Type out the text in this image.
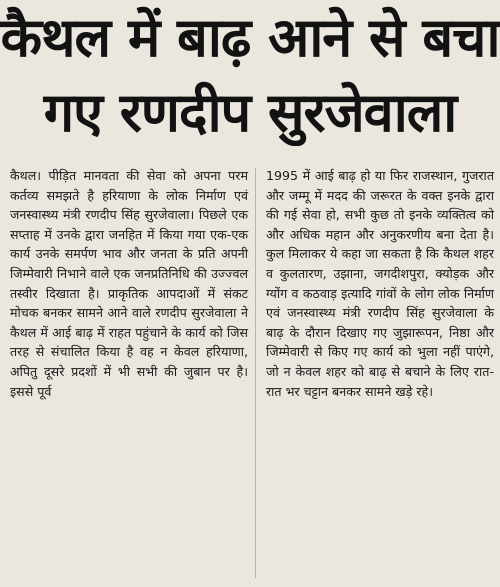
कैथल में बाढ़ आने से बचा
गए रणदीप सुरजेवाला

कैथल। पीड़ित मानवता की सेवा को अपना परम कर्तव्य समझते है हरियाणा के लोक निर्माण एवं जनस्वास्थ्य मंत्री रणदीप सिंह सुरजेवाला। पिछले एक सप्ताह में उनके द्वारा जनहित में किया गया एक-एक कार्य उनके समर्पण भाव और जनता के प्रति अपनी जिम्मेवारी निभाने वाले एक जनप्रतिनिधि की उज्ज्वल तस्वीर दिखाता है। प्राकृतिक आपदाओं में संकट मोचक बनकर सामने आने वाले रणदीप सुरजेवाला ने कैथल में आई बाढ़ में राहत पहुंचाने के कार्य को जिस तरह से संचालित किया है वह न केवल हरियाणा, अपितु दूसरे प्रदशों में भी सभी की जुबान पर है। इससे पूर्व

1995 में आई बाढ़ हो या फिर राजस्थान, गुजरात और जम्मू में मदद की जरूरत के वक्त इनके द्वारा की गई सेवा हो, सभी कुछ तो इनके व्यक्तित्व को और अधिक महान और अनुकरणीय बना देता है। कुल मिलाकर ये कहा जा सकता है कि कैथल शहर व कुलतारण, उझाना, जगदीशपुरा, क्योड़क और ग्योंग व कठवाड़ इत्यादि गांवों के लोग लोक निर्माण एवं जनस्वास्थ्य मंत्री रणदीप सिंह सुरजेवाला के बाढ़ के दौरान दिखाए गए जुझारूपन, निष्ठा और जिम्मेवारी से किए गए कार्य को भुला नहीं पाएंगे, जो न केवल शहर को बाढ़ से बचाने के लिए रात-रात भर चट्टान बनकर सामने खड़े रहे।
